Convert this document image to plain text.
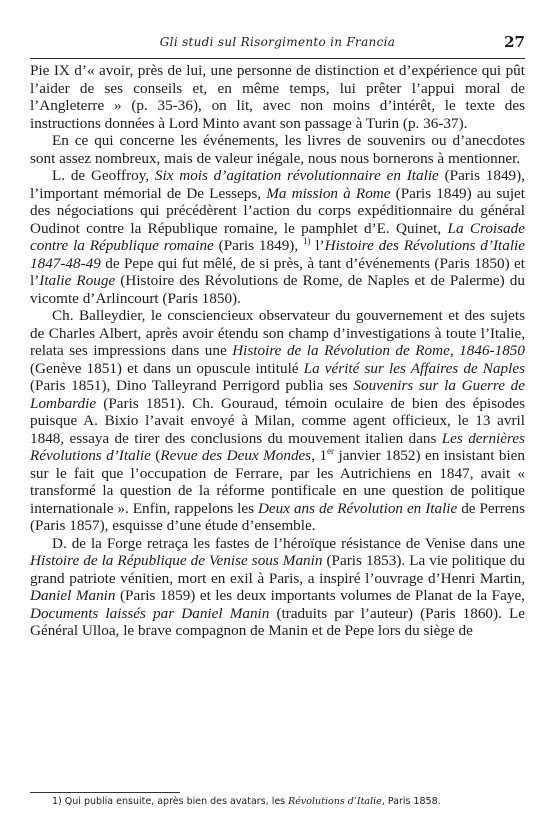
Gli studi sul Risorgimento in Francia	27

Pie IX d’« avoir, près de lui, une personne de distinction et d’expérience qui pût l’aider de ses conseils et, en même temps, lui prêter l’appui moral de l’Angleterre » (p. 35-36), on lit, avec non moins d’intérêt, le texte des instructions données à Lord Minto avant son passage à Turin (p. 36-37).

En ce qui concerne les événements, les livres de souvenirs ou d’anecdotes sont assez nombreux, mais de valeur inégale, nous nous bornerons à mentionner.

L. de Geoffroy, Six mois d’agitation révolutionnaire en Italie (Paris 1849), l’important mémorial de De Lesseps, Ma mission à Rome (Paris 1849) au sujet des négociations qui précédèrent l’action du corps expéditionnaire du général Oudinot contre la République romaine, le pamphlet d’E. Quinet, La Croisade contre la République romaine (Paris 1849), $^{1)}$ l’Histoire des Révolutions d’Italie 1847-48-49 de Pepe qui fut mêlé, de si près, à tant d’événements (Paris 1850) et l’Italie Rouge (Histoire des Révolutions de Rome, de Naples et de Palerme) du vicomte d’Arlincourt (Paris 1850).

Ch. Balleydier, le consciencieux observateur du gouvernement et des sujets de Charles Albert, après avoir étendu son champ d’investigations à toute l’Italie, relata ses impressions dans une Histoire de la Révolution de Rome, 1846-1850 (Genève 1851) et dans un opuscule intitulé La vérité sur les Affaires de Naples (Paris 1851), Dino Talleyrand Perrigord publia ses Souvenirs sur la Guerre de Lombardie (Paris 1851). Ch. Gouraud, témoin oculaire de bien des épisodes puisque A. Bixio l’avait envoyé à Milan, comme agent officieux, le 13 avril 1848, essaya de tirer des conclusions du mouvement italien dans Les dernières Révolutions d’Italie (Revue des Deux Mondes, 1er janvier 1852) en insistant bien sur le fait que l’occupation de Ferrare, par les Autrichiens en 1847, avait « transformé la question de la réforme pontificale en une question de politique internationale ». Enfin, rappelons les Deux ans de Révolution en Italie de Perrens (Paris 1857), esquisse d’une étude d’ensemble.

D. de la Forge retraça les fastes de l’héroïque résistance de Venise dans une Histoire de la République de Venise sous Manin (Paris 1853). La vie politique du grand patriote vénitien, mort en exil à Paris, a inspiré l’ouvrage d’Henri Martin, Daniel Manin (Paris 1859) et les deux importants volumes de Planat de la Faye, Documents laissés par Daniel Manin (traduits par l’auteur) (Paris 1860). Le Général Ulloa, le brave compagnon de Manin et de Pepe lors du siège de

1) Qui publia ensuite, après bien des avatars, les Révolutions d’Italie, Paris 1858.
